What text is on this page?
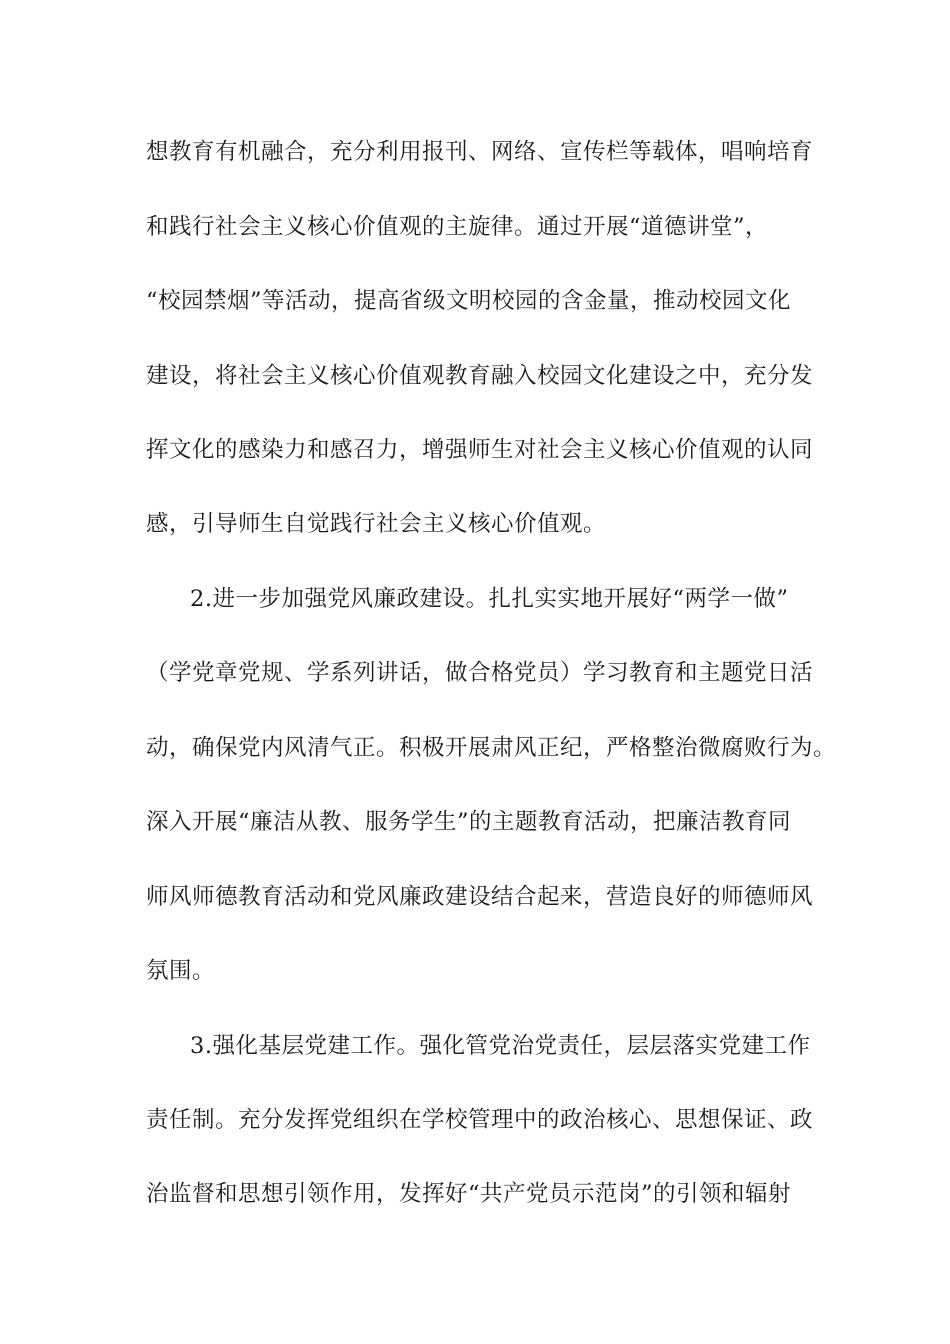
想教育有机融合，充分利用报刊、网络、宣传栏等载体，唱响培育
和践行社会主义核心价值观的主旋律。通过开展“道德讲堂”，
“校园禁烟”等活动，提高省级文明校园的含金量，推动校园文化
建设，将社会主义核心价值观教育融入校园文化建设之中，充分发
挥文化的感染力和感召力，增强师生对社会主义核心价值观的认同
感，引导师生自觉践行社会主义核心价值观。
2.进一步加强党风廉政建设。扎扎实实地开展好“两学一做”
（学党章党规、学系列讲话，做合格党员）学习教育和主题党日活
动，确保党内风清气正。积极开展肃风正纪，严格整治微腐败行为。
深入开展“廉洁从教、服务学生”的主题教育活动，把廉洁教育同
师风师德教育活动和党风廉政建设结合起来，营造良好的师德师风
氛围。
3.强化基层党建工作。强化管党治党责任，层层落实党建工作
责任制。充分发挥党组织在学校管理中的政治核心、思想保证、政
治监督和思想引领作用，发挥好“共产党员示范岗”的引领和辐射
